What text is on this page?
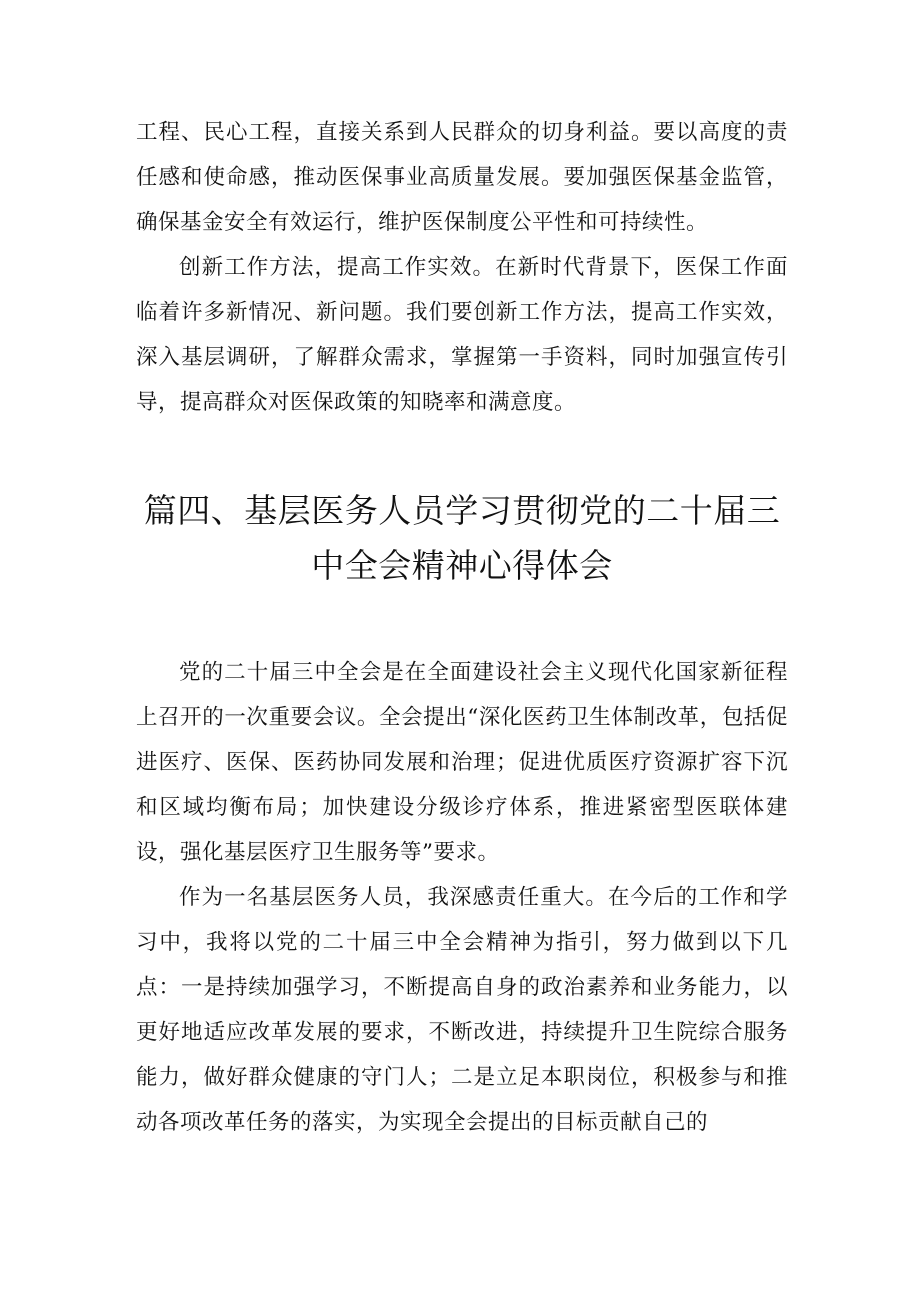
工程、民心工程，直接关系到人民群众的切身利益。要以高度的责任感和使命感，推动医保事业高质量发展。要加强医保基金监管，确保基金安全有效运行，维护医保制度公平性和可持续性。

创新工作方法，提高工作实效。在新时代背景下，医保工作面临着许多新情况、新问题。我们要创新工作方法，提高工作实效，深入基层调研，了解群众需求，掌握第一手资料，同时加强宣传引导，提高群众对医保政策的知晓率和满意度。

篇四、基层医务人员学习贯彻党的二十届三
中全会精神心得体会

党的二十届三中全会是在全面建设社会主义现代化国家新征程上召开的一次重要会议。全会提出“深化医药卫生体制改革，包括促进医疗、医保、医药协同发展和治理；促进优质医疗资源扩容下沉和区域均衡布局；加快建设分级诊疗体系，推进紧密型医联体建设，强化基层医疗卫生服务等”要求。

作为一名基层医务人员，我深感责任重大。在今后的工作和学习中，我将以党的二十届三中全会精神为指引，努力做到以下几点：一是持续加强学习，不断提高自身的政治素养和业务能力，以更好地适应改革发展的要求，不断改进，持续提升卫生院综合服务能力，做好群众健康的守门人；二是立足本职岗位，积极参与和推动各项改革任务的落实，为实现全会提出的目标贡献自己的
